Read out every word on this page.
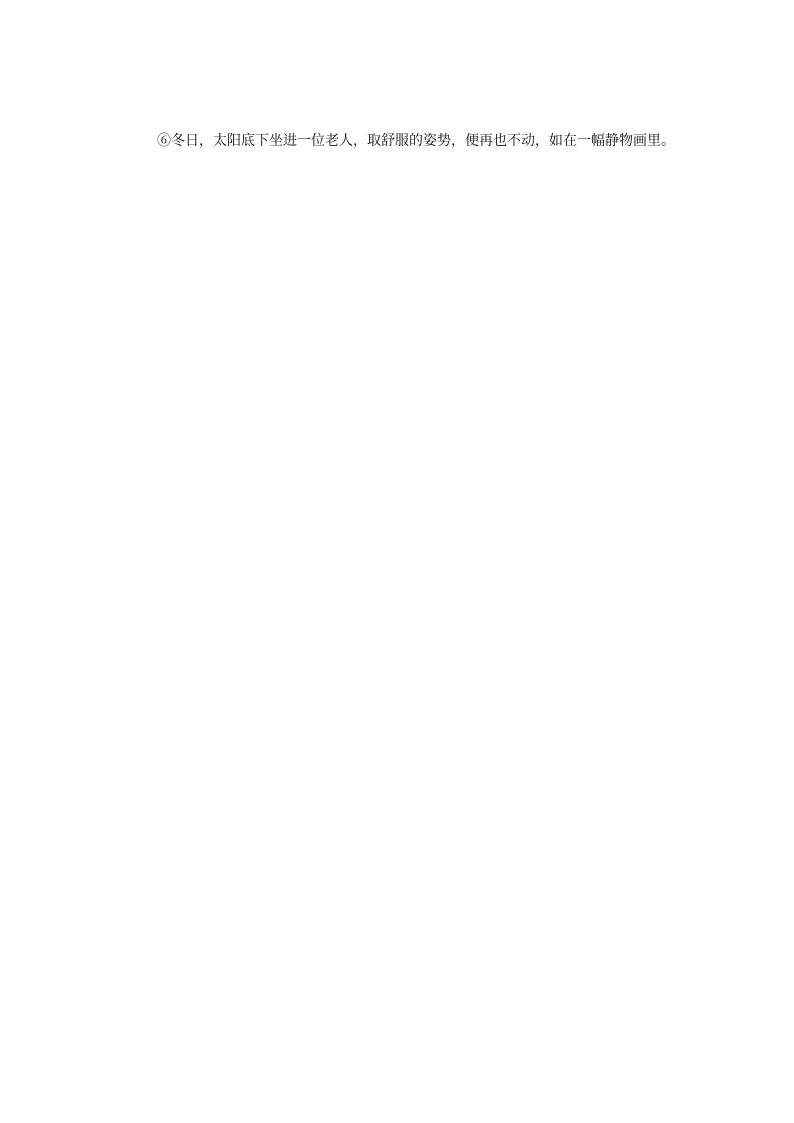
⑥冬日，太阳底下坐进一位老人，取舒服的姿势，便再也不动，如在一幅静物画里。
